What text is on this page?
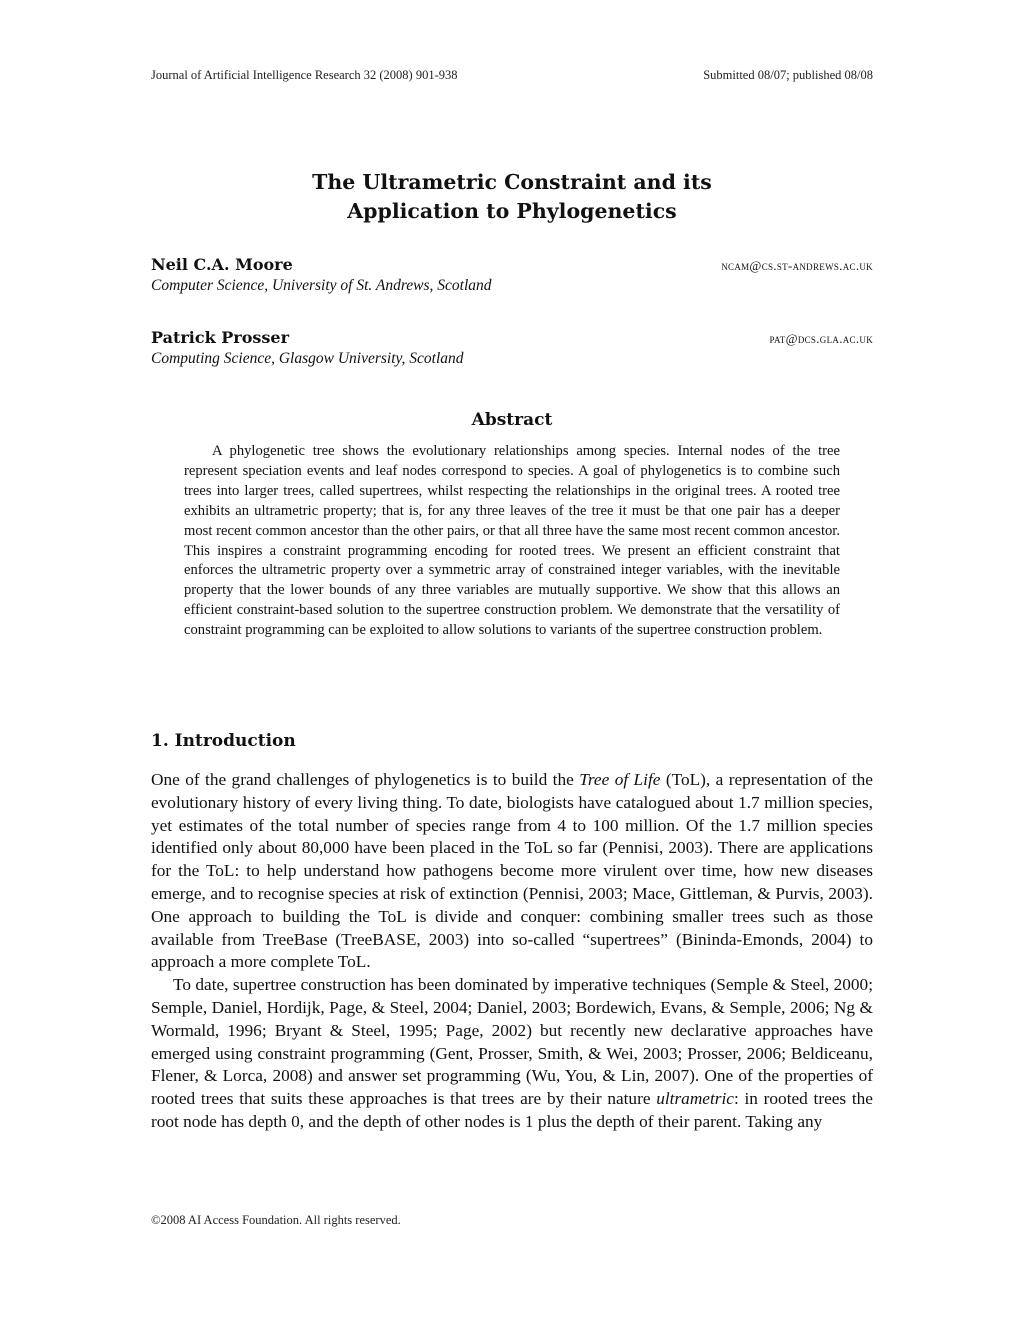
Journal of Artificial Intelligence Research 32 (2008) 901-938	Submitted 08/07; published 08/08
The Ultrametric Constraint and its
Application to Phylogenetics
Neil C.A. Moore	ncam@cs.st-andrews.ac.uk
Computer Science, University of St. Andrews, Scotland
Patrick Prosser	pat@dcs.gla.ac.uk
Computing Science, Glasgow University, Scotland
Abstract
A phylogenetic tree shows the evolutionary relationships among species. Internal nodes of the tree represent speciation events and leaf nodes correspond to species. A goal of phylogenetics is to combine such trees into larger trees, called supertrees, whilst respecting the relationships in the original trees. A rooted tree exhibits an ultrametric property; that is, for any three leaves of the tree it must be that one pair has a deeper most recent common ancestor than the other pairs, or that all three have the same most recent common ancestor. This inspires a constraint programming encoding for rooted trees. We present an efficient constraint that enforces the ultrametric property over a symmetric array of constrained integer variables, with the inevitable property that the lower bounds of any three variables are mutually supportive. We show that this allows an efficient constraint-based solution to the supertree construction problem. We demonstrate that the versatility of constraint programming can be exploited to allow solutions to variants of the supertree construction problem.
1. Introduction

One of the grand challenges of phylogenetics is to build the Tree of Life (ToL), a representation of the evolutionary history of every living thing. To date, biologists have catalogued about 1.7 million species, yet estimates of the total number of species range from 4 to 100 million. Of the 1.7 million species identified only about 80,000 have been placed in the ToL so far (Pennisi, 2003). There are applications for the ToL: to help understand how pathogens become more virulent over time, how new diseases emerge, and to recognise species at risk of extinction (Pennisi, 2003; Mace, Gittleman, & Purvis, 2003). One approach to building the ToL is divide and conquer: combining smaller trees such as those available from TreeBase (TreeBASE, 2003) into so-called “supertrees” (Bininda-Emonds, 2004) to approach a more complete ToL.

To date, supertree construction has been dominated by imperative techniques (Semple & Steel, 2000; Semple, Daniel, Hordijk, Page, & Steel, 2004; Daniel, 2003; Bordewich, Evans, & Semple, 2006; Ng & Wormald, 1996; Bryant & Steel, 1995; Page, 2002) but recently new declarative approaches have emerged using constraint programming (Gent, Prosser, Smith, & Wei, 2003; Prosser, 2006; Beldiceanu, Flener, & Lorca, 2008) and answer set programming (Wu, You, & Lin, 2007). One of the properties of rooted trees that suits these approaches is that trees are by their nature ultrametric: in rooted trees the root node has depth 0, and the depth of other nodes is 1 plus the depth of their parent. Taking any

©2008 AI Access Foundation. All rights reserved.
